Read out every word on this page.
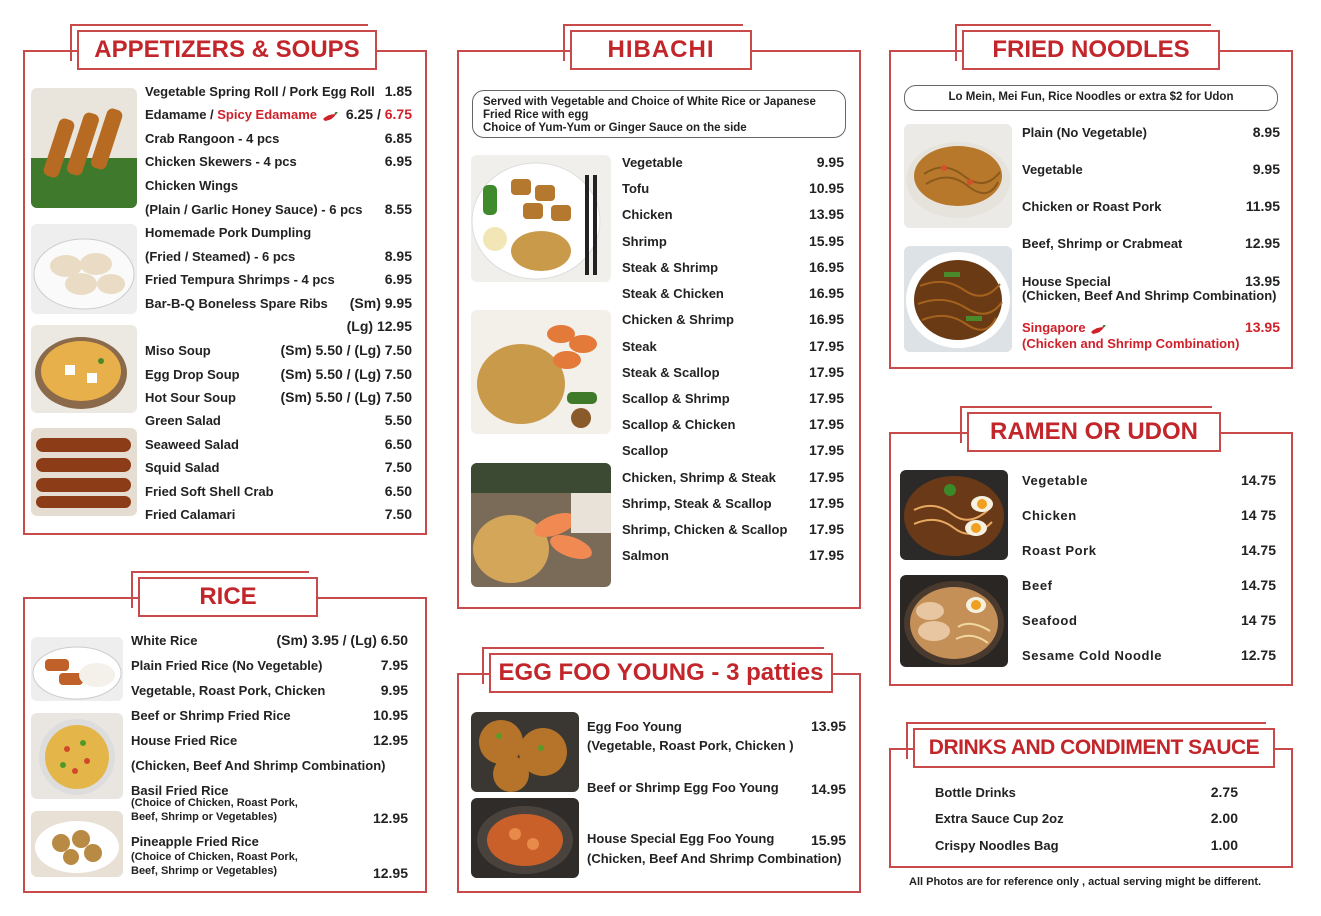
APPETIZERS & SOUPS
Vegetable Spring Roll / Pork Egg Roll 1.85
Edamame / Spicy Edamame	6.25 / 6.75
Crab Rangoon - 4 pcs	6.85
Chicken Skewers - 4 pcs	6.95
Chicken Wings
(Plain / Garlic Honey Sauce) - 6 pcs	8.55
Homemade Pork Dumpling
(Fried / Steamed) - 6 pcs	8.95
Fried Tempura Shrimps - 4 pcs	6.95
Bar-B-Q Boneless Spare Ribs	(Sm) 9.95
(Lg) 12.95
Miso Soup	(Sm) 5.50 / (Lg) 7.50
Egg Drop Soup	(Sm) 5.50 / (Lg) 7.50
Hot Sour Soup	(Sm) 5.50 / (Lg) 7.50
Green Salad	5.50
Seaweed Salad	6.50
Squid Salad	7.50
Fried Soft Shell Crab	6.50
Fried Calamari	7.50
RICE
White Rice	(Sm) 3.95 / (Lg) 6.50
Plain Fried Rice (No Vegetable)	7.95
Vegetable, Roast Pork, Chicken	9.95
Beef or Shrimp Fried Rice	10.95
House Fried Rice	12.95
(Chicken, Beef And Shrimp Combination)
Basil Fried Rice
(Choice of Chicken, Roast Pork,
Beef, Shrimp or Vegetables)	12.95
Pineapple Fried Rice
(Choice of Chicken, Roast Pork,
Beef, Shrimp or Vegetables)	12.95
HIBACHI
Served with Vegetable and Choice of White Rice or Japanese
Fried Rice with egg
Choice of Yum-Yum or Ginger Sauce on the side
Vegetable	9.95
Tofu	10.95
Chicken	13.95
Shrimp	15.95
Steak & Shrimp	16.95
Steak & Chicken	16.95
Chicken & Shrimp	16.95
Steak	17.95
Steak & Scallop	17.95
Scallop & Shrimp	17.95
Scallop & Chicken	17.95
Scallop	17.95
Chicken, Shrimp & Steak	17.95
Shrimp, Steak & Scallop	17.95
Shrimp, Chicken & Scallop	17.95
Salmon	17.95
EGG FOO YOUNG - 3 patties
Egg Foo Young
(Vegetable, Roast Pork, Chicken )
13.95
Beef or Shrimp Egg Foo Young	14.95
House Special Egg Foo Young
(Chicken, Beef And Shrimp Combination)
15.95
FRIED NOODLES
Lo Mein, Mei Fun, Rice Noodles or extra $2 for Udon
Plain (No Vegetable)	8.95
Vegetable	9.95
Chicken or Roast Pork	11.95
Beef, Shrimp or Crabmeat	12.95
House Special
(Chicken, Beef And Shrimp Combination)
13.95
Singapore
(Chicken and Shrimp Combination)
13.95
RAMEN OR UDON
Vegetable	14.75
Chicken	14 75
Roast Pork	14.75
Beef	14.75
Seafood	14 75
Sesame Cold Noodle	12.75
DRINKS AND CONDIMENT SAUCE
Bottle Drinks	2.75
Extra Sauce Cup 2oz	2.00
Crispy Noodles Bag	1.00
All Photos are for reference only , actual serving might be different.
